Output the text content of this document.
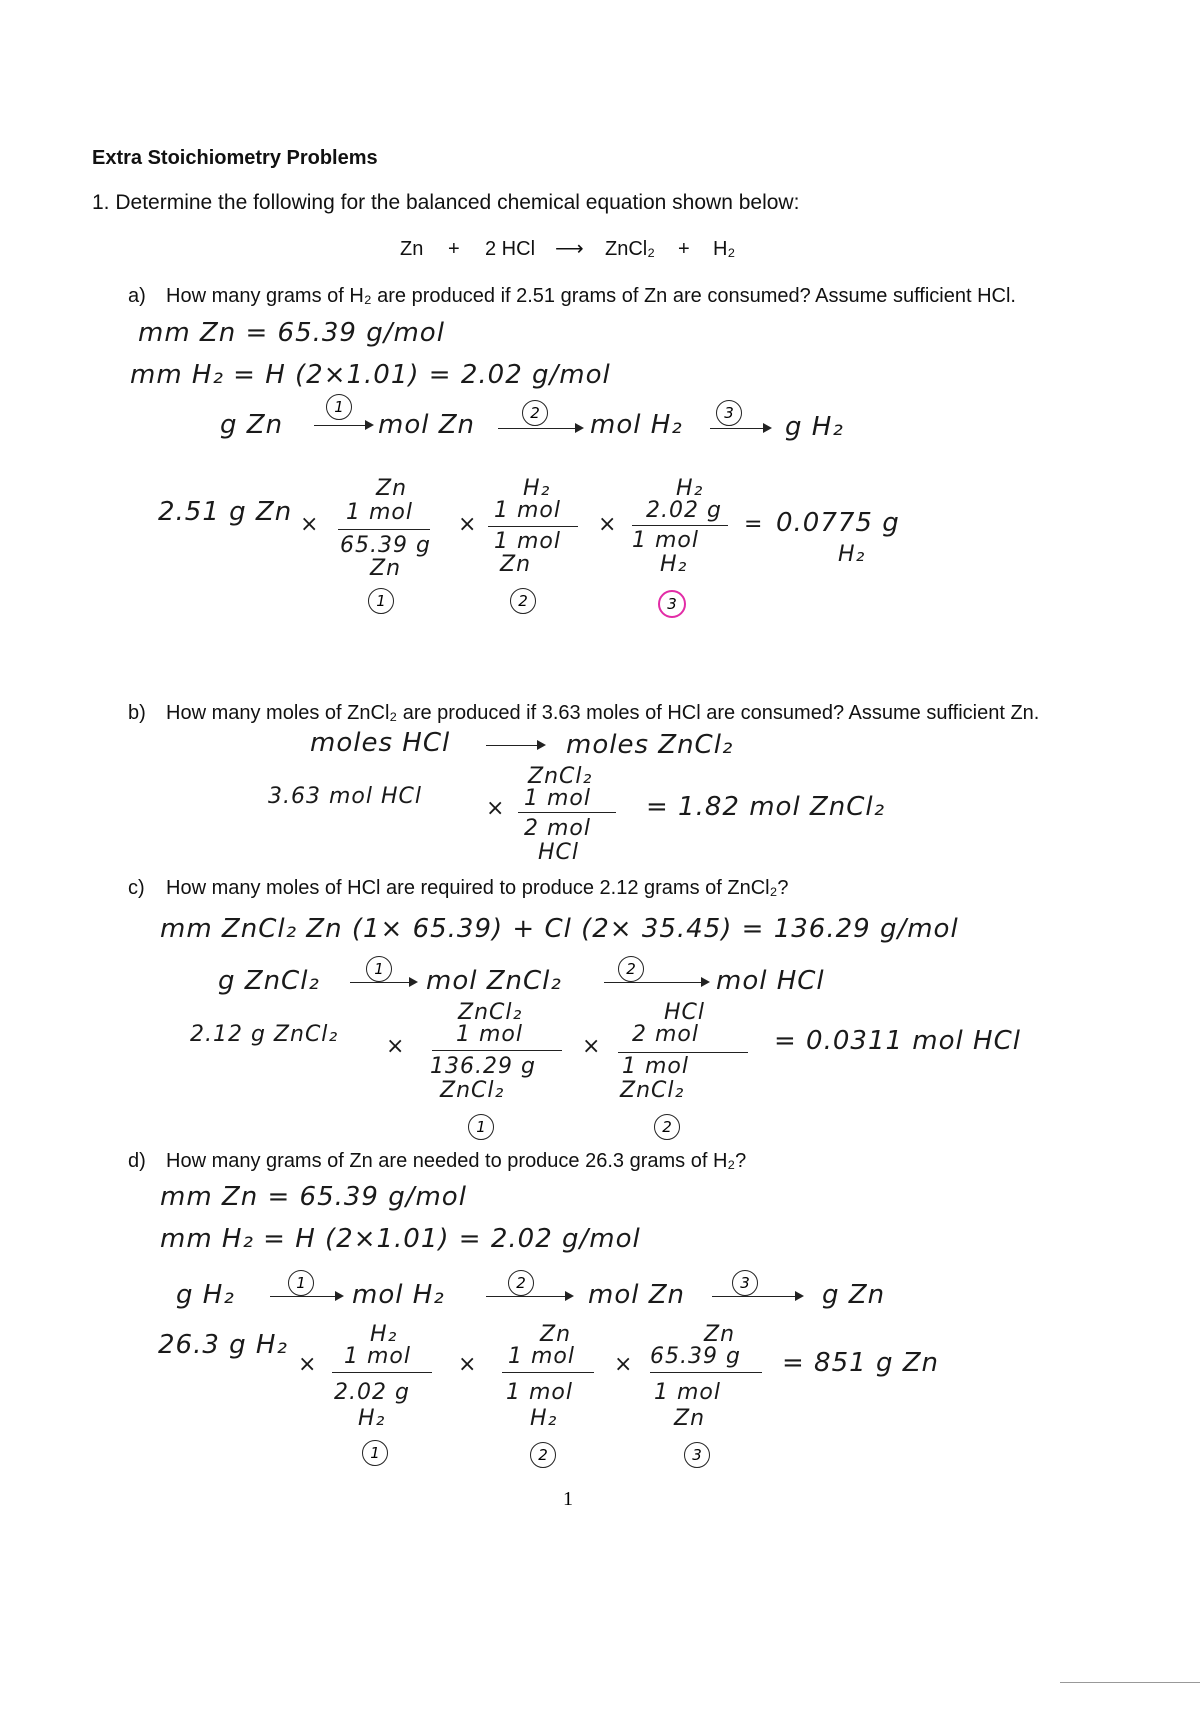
Extra Stoichiometry Problems
1. Determine the following for the balanced chemical equation shown below:
Zn + 2 HCl ⟶ ZnCl₂ + H₂
a) How many grams of H₂ are produced if 2.51 grams of Zn are consumed? Assume sufficient HCl.
mm Zn = 65.39 g/mol
mm H₂ = H (2×1.01) = 2.02 g/mol
g Zn
1
mol Zn	2	mol H₂	3	g H₂
2.51 g Zn ×
Zn
1 mol
65.39 g
Zn
1
×
H₂
1 mol
1 mol
Zn
2
×
H₂
2.02 g
1 mol
H₂
3
= 0.0775 g
H₂
b) How many moles of ZnCl₂ are produced if 3.63 moles of HCl are consumed? Assume sufficient Zn.
moles HCl	moles ZnCl₂
3.63 mol HCl	×
ZnCl₂
1 mol
2 mol
HCl
= 1.82 mol ZnCl₂
c) How many moles of HCl are required to produce 2.12 grams of ZnCl₂?
mm ZnCl₂ Zn (1× 65.39) + Cl (2× 35.45) = 136.29 g/mol
g ZnCl₂	1	mol ZnCl₂	2	mol HCl
2.12 g ZnCl₂ ×
ZnCl₂
1 mol
136.29 g
ZnCl₂
1
×
HCl
2 mol
1 mol
ZnCl₂
2
= 0.0311 mol HCl
d) How many grams of Zn are needed to produce 26.3 grams of H₂?
mm Zn = 65.39 g/mol
mm H₂ = H (2×1.01) = 2.02 g/mol
g H₂	1	mol H₂	2	mol Zn	3	g Zn
26.3 g H₂
×
H₂
1 mol
2.02 g
H₂
1
×
Zn
1 mol
1 mol
H₂
2
×
Zn
65.39 g
1 mol
Zn
3
= 851 g Zn
1
